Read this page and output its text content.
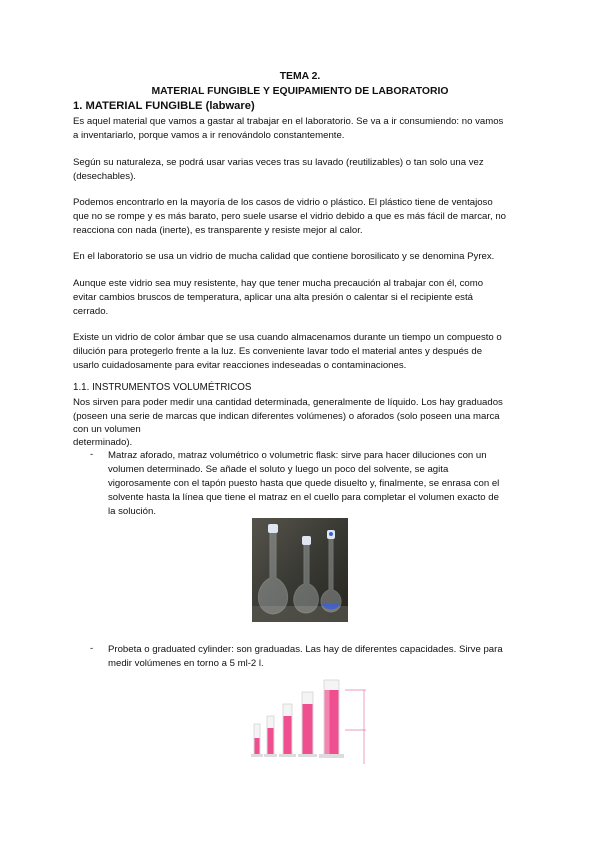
TEMA 2.
MATERIAL FUNGIBLE Y EQUIPAMIENTO DE LABORATORIO
1. MATERIAL FUNGIBLE (labware)
Es aquel material que vamos a gastar al trabajar en el laboratorio. Se va a ir consumiendo: no vamos
a inventariarlo, porque vamos a ir renovándolo constantemente.
Según su naturaleza, se podrá usar varias veces tras su lavado (reutilizables) o tan solo una vez
(desechables).
Podemos encontrarlo en la mayoría de los casos de vidrio o plástico. El plástico tiene de ventajoso
que no se rompe y es más barato, pero suele usarse el vidrio debido a que es más fácil de marcar, no
reacciona con nada (inerte), es transparente y resiste mejor al calor.
En el laboratorio se usa un vidrio de mucha calidad que contiene borosilicato y se denomina Pyrex.
Aunque este vidrio sea muy resistente, hay que tener mucha precaución al trabajar con él, como
evitar cambios bruscos de temperatura, aplicar una alta presión o calentar si el recipiente está
cerrado.
Existe un vidrio de color ámbar que se usa cuando almacenamos durante un tiempo un compuesto o
dilución para protegerlo frente a la luz. Es conveniente lavar todo el material antes y después de
usarlo cuidadosamente para evitar reacciones indeseadas o contaminaciones.
1.1. INSTRUMENTOS VOLUMÉTRICOS
Nos sirven para poder medir una cantidad determinada, generalmente de líquido. Los hay graduados
(poseen una serie de marcas que indican diferentes volúmenes) o aforados (solo poseen una marca
con un volumen
determinado).
- Matraz aforado, matraz volumétrico o volumetric flask: sirve para hacer diluciones con un
volumen determinado. Se añade el soluto y luego un poco del solvente, se agita
vigorosamente con el tapón puesto hasta que quede disuelto y, finalmente, se enrasa con el
solvente hasta la línea que tiene el matraz en el cuello para completar el volumen exacto de
la solución.
- Probeta o graduated cylinder: son graduadas. Las hay de diferentes capacidades. Sirve para
medir volúmenes en torno a 5 ml-2 l.
